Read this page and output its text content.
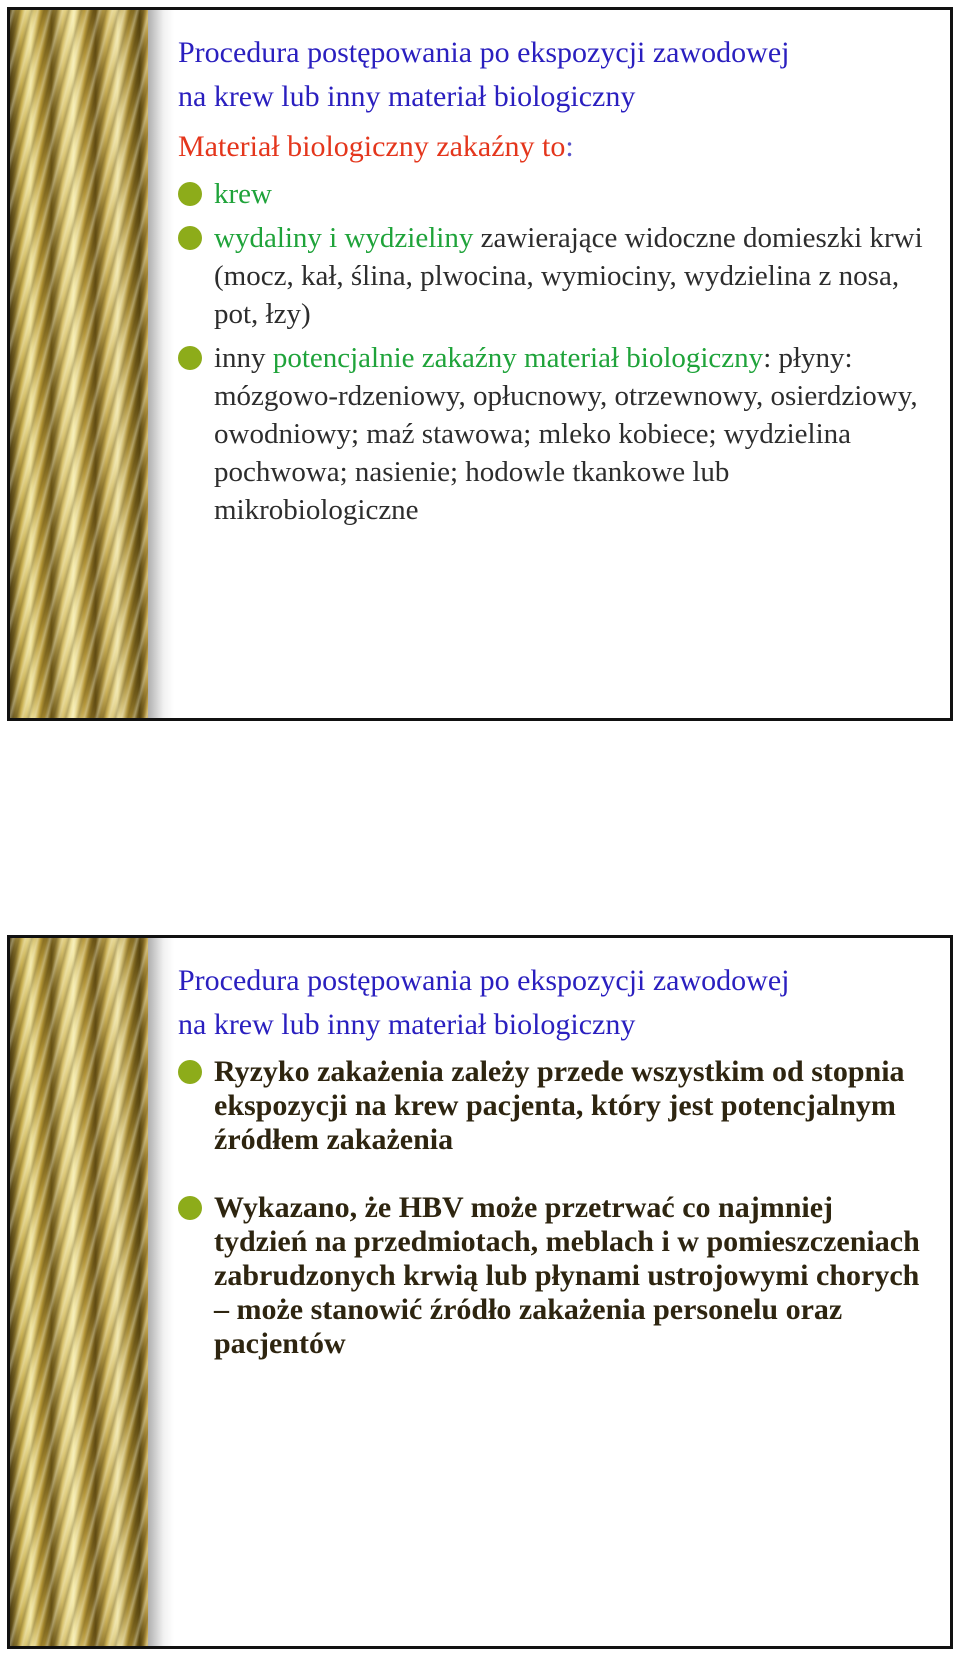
Procedura postępowania po ekspozycji zawodowej na krew lub inny materiał biologiczny

Materiał biologiczny zakaźny to:

krew
wydaliny i wydzieliny zawierające widoczne domieszki krwi (mocz, kał, ślina, plwocina, wymiociny, wydzielina z nosa, pot, łzy)
inny potencjalnie zakaźny materiał biologiczny: płyny: mózgowo-rdzeniowy, opłucnowy, otrzewnowy, osierdziowy, owodniowy; maź stawowa; mleko kobiece; wydzielina pochwowa; nasienie; hodowle tkankowe lub mikrobiologiczne
Procedura postępowania po ekspozycji zawodowej na krew lub inny materiał biologiczny
Ryzyko zakażenia zależy przede wszystkim od stopnia ekspozycji na krew pacjenta, który jest potencjalnym źródłem zakażenia
Wykazano, że HBV może przetrwać co najmniej tydzień na przedmiotach, meblach i w pomieszczeniach zabrudzonych krwią lub płynami ustrojowymi chorych – może stanowić źródło zakażenia personelu oraz pacjentów
